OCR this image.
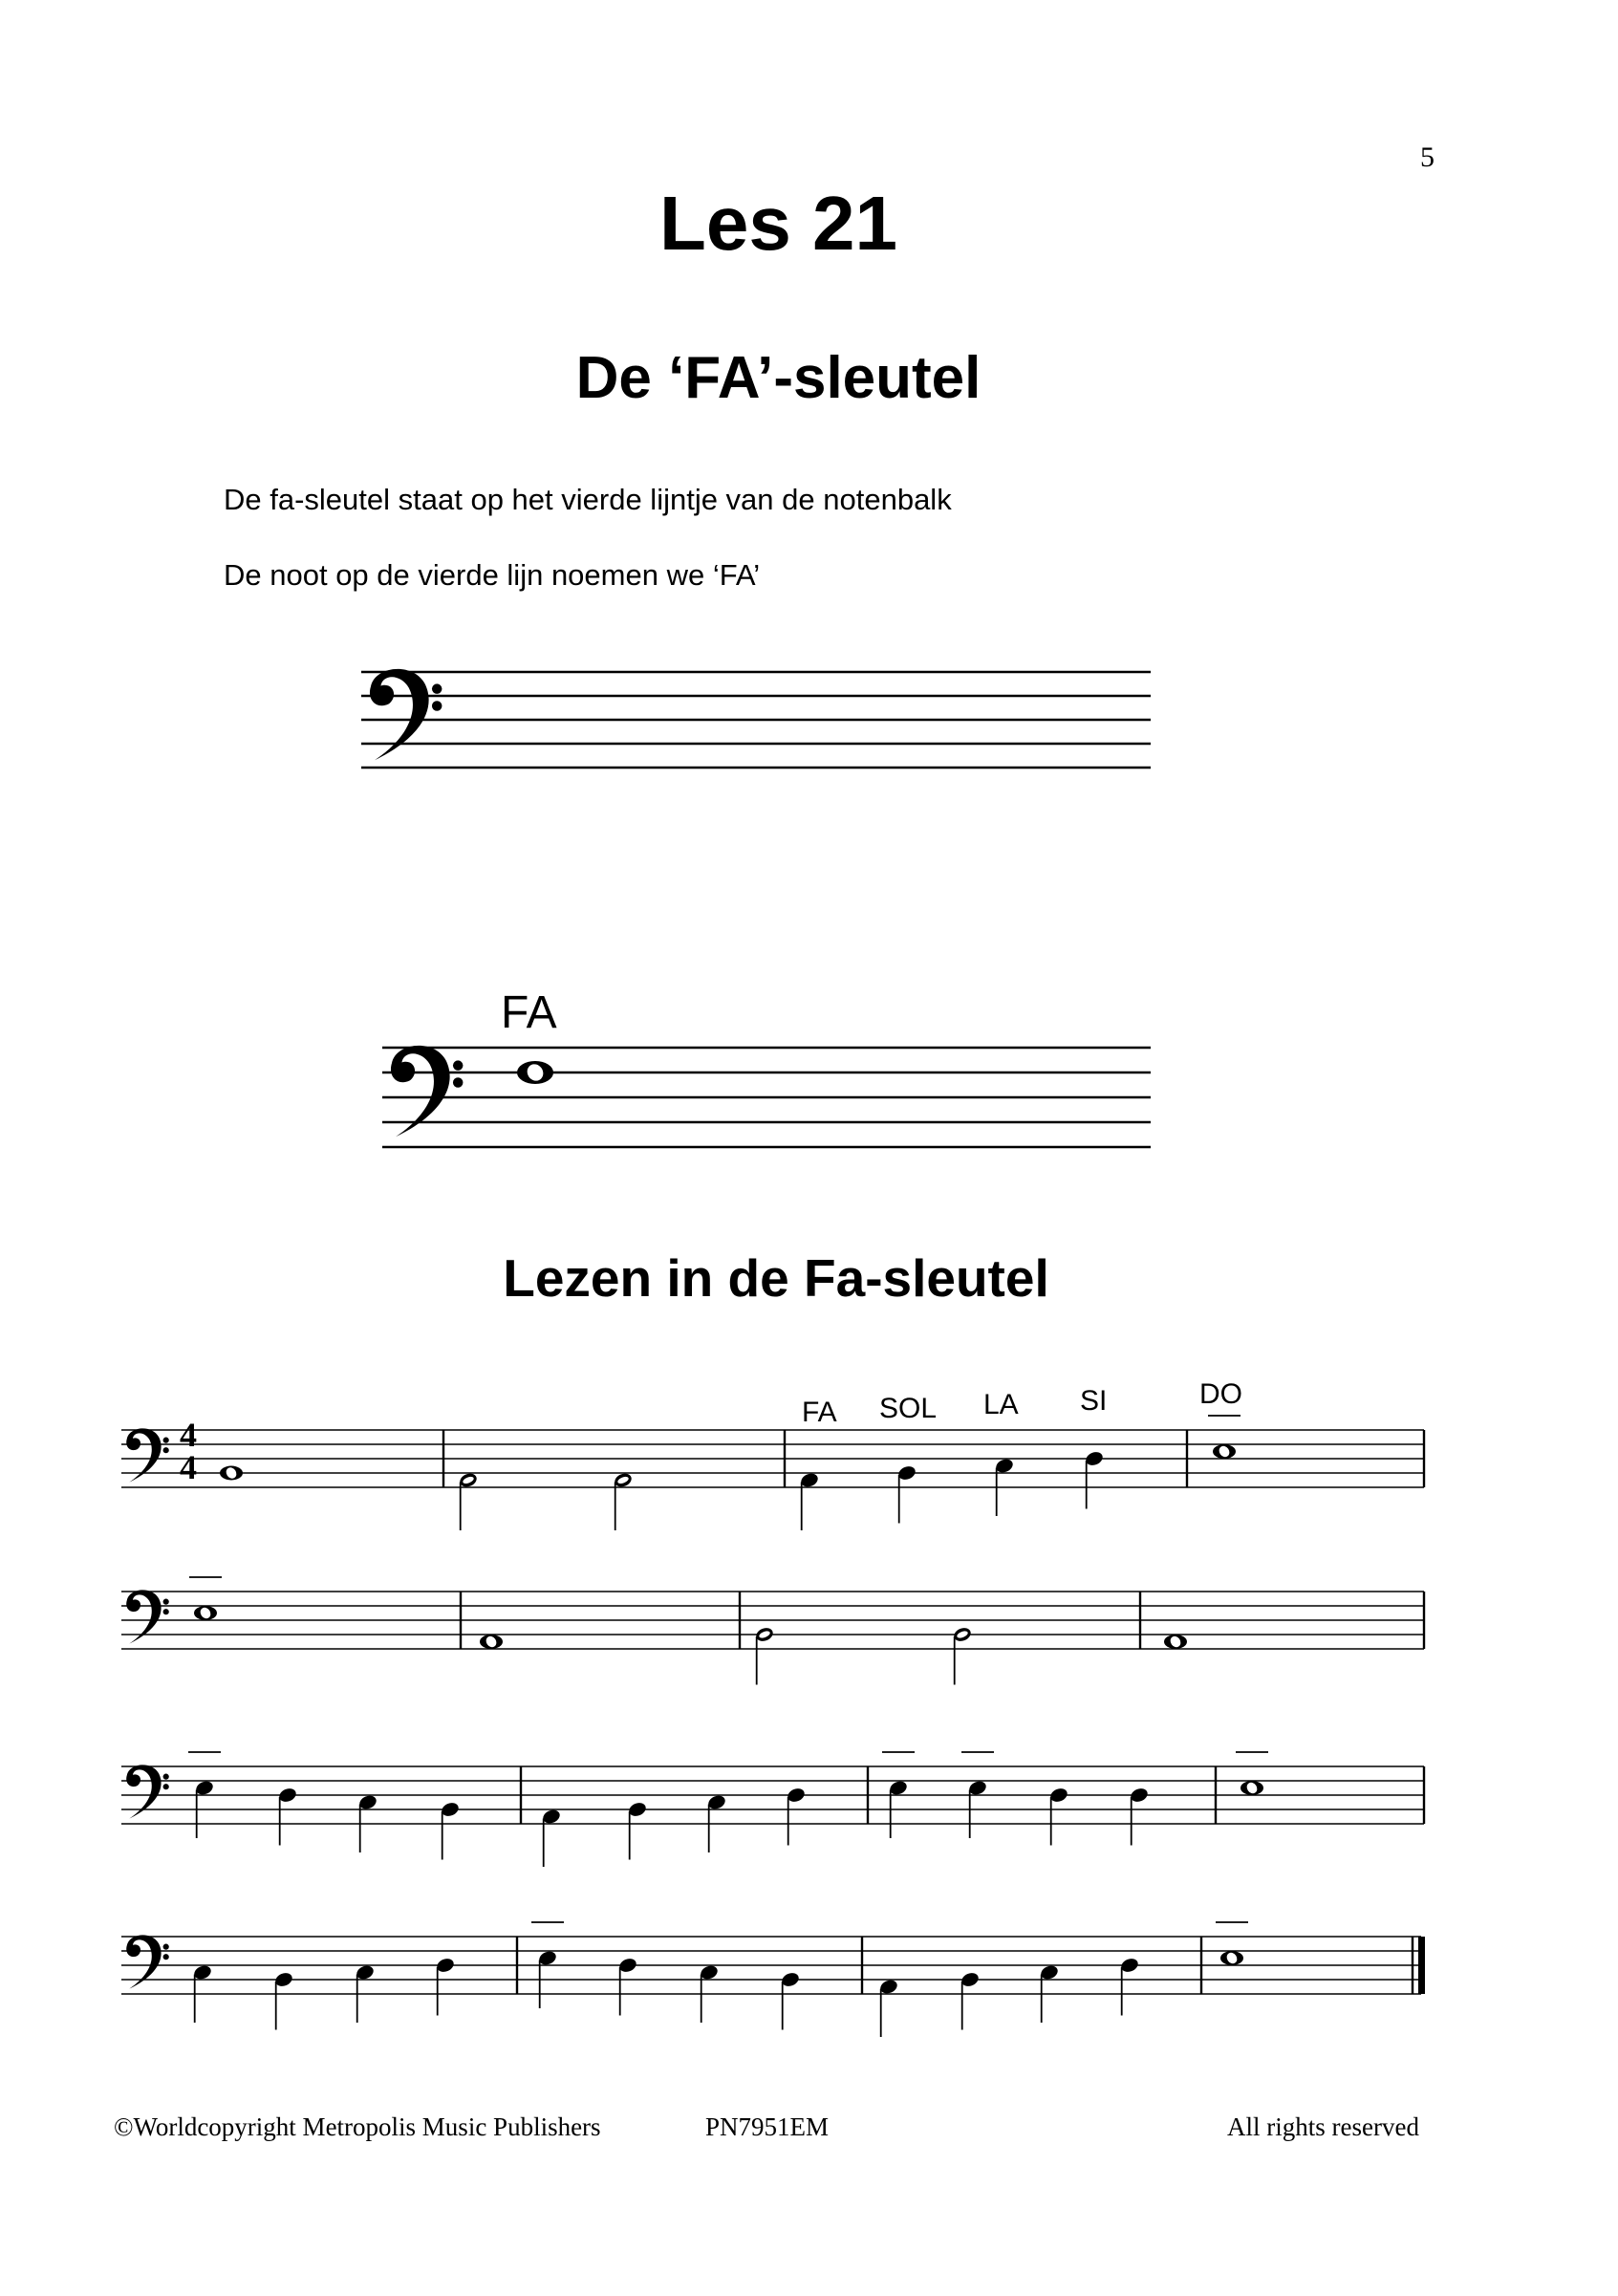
5
Les 21
De ‘FA’-sleutel
De fa-sleutel staat op het vierde lijntje van de notenbalk
De noot op de vierde lijn noemen we ‘FA’
Lezen in de Fa-sleutel
FA
FA SOL LA SI	DO
4
4
©Worldcopyright Metropolis Music Publishers	PN7951EM	All rights reserved
